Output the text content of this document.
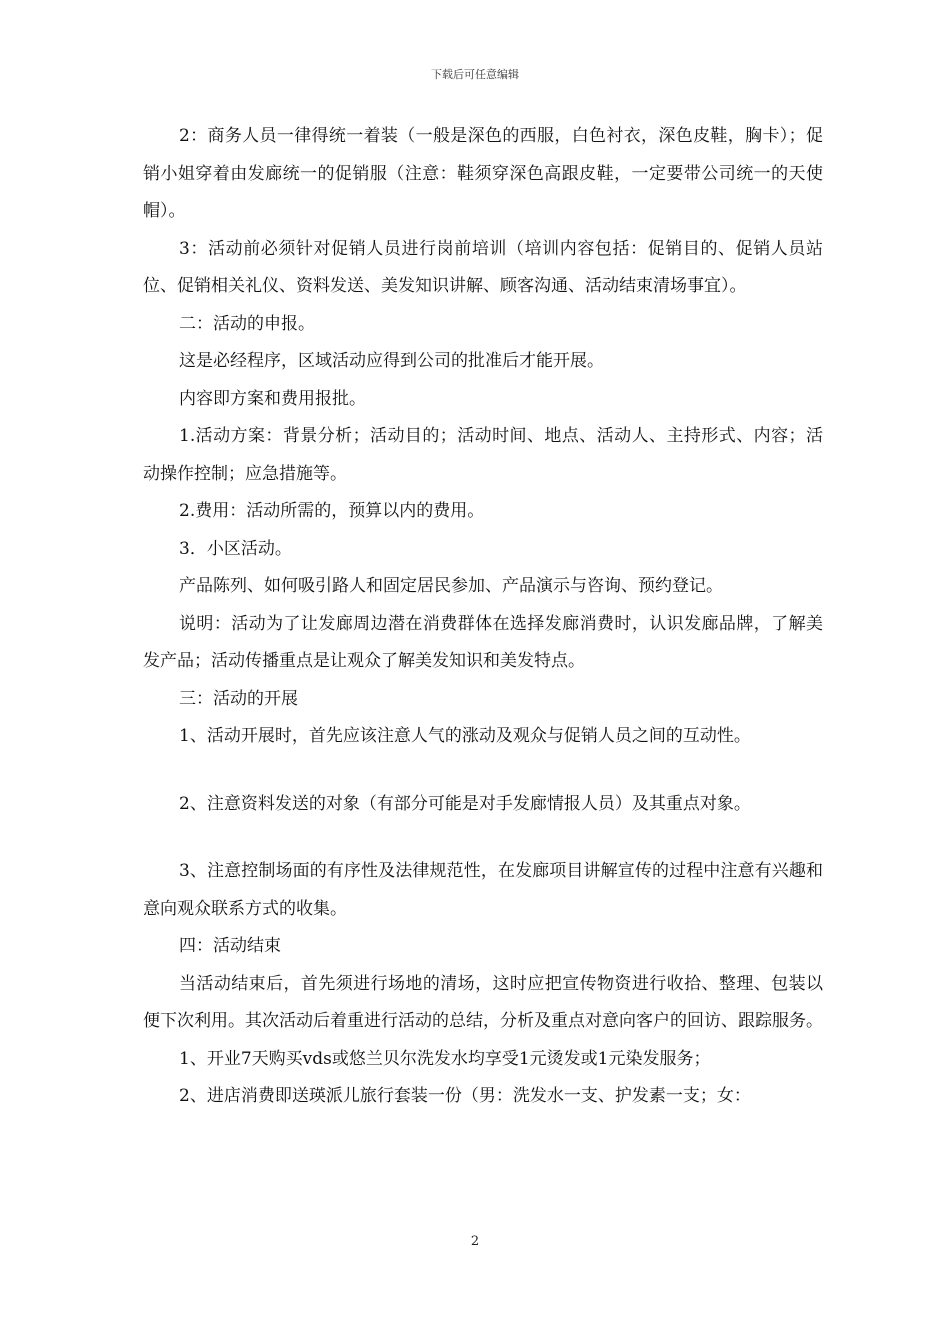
下载后可任意编辑

2：商务人员一律得统一着装（一般是深色的西服，白色衬衣，深色皮鞋，胸卡）；促销小姐穿着由发廊统一的促销服（注意：鞋须穿深色高跟皮鞋，一定要带公司统一的天使帽）。

3：活动前必须针对促销人员进行岗前培训（培训内容包括：促销目的、促销人员站位、促销相关礼仪、资料发送、美发知识讲解、顾客沟通、活动结束清场事宜）。

二：活动的申报。

这是必经程序，区域活动应得到公司的批准后才能开展。

内容即方案和费用报批。

1.活动方案：背景分析；活动目的；活动时间、地点、活动人、主持形式、内容；活动操作控制；应急措施等。

2.费用：活动所需的，预算以内的费用。

3．小区活动。

产品陈列、如何吸引路人和固定居民参加、产品演示与咨询、预约登记。

说明：活动为了让发廊周边潜在消费群体在选择发廊消费时，认识发廊品牌，了解美发产品；活动传播重点是让观众了解美发知识和美发特点。

三：活动的开展

1、活动开展时，首先应该注意人气的涨动及观众与促销人员之间的互动性。

2、注意资料发送的对象（有部分可能是对手发廊情报人员）及其重点对象。

3、注意控制场面的有序性及法律规范性，在发廊项目讲解宣传的过程中注意有兴趣和意向观众联系方式的收集。

四：活动结束

当活动结束后，首先须进行场地的清场，这时应把宣传物资进行收拾、整理、包装以便下次利用。其次活动后着重进行活动的总结，分析及重点对意向客户的回访、跟踪服务。

1、开业7天购买vds或悠兰贝尔洗发水均享受1元烫发或1元染发服务；

2、进店消费即送瑛派儿旅行套装一份（男：洗发水一支、护发素一支；女：

2
